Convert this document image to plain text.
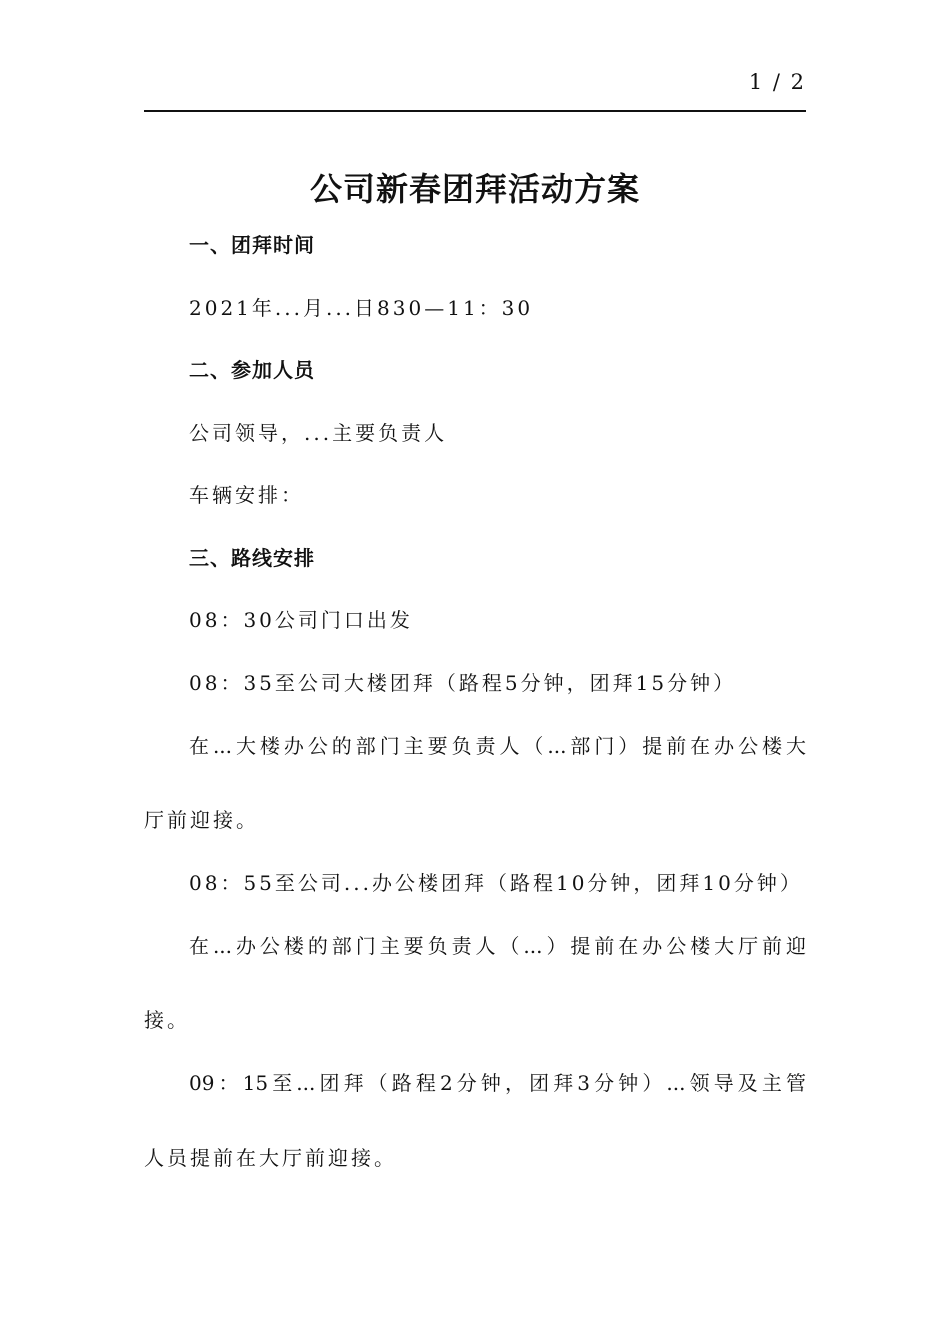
1 / 2
公司新春团拜活动方案
一、团拜时间
2021年...月...日830—11：30
二、参加人员
公司领导，...主要负责人
车辆安排：
三、路线安排
08：30公司门口出发
08：35至公司大楼团拜（路程5分钟，团拜15分钟）
在...大楼办公的部门主要负责人（...部门）提前在办公楼大
厅前迎接。
08：55至公司...办公楼团拜（路程10分钟，团拜10分钟）
在...办公楼的部门主要负责人（...）提前在办公楼大厅前迎
接。
09：15至...团拜（路程2分钟，团拜3分钟）...领导及主管
人员提前在大厅前迎接。
